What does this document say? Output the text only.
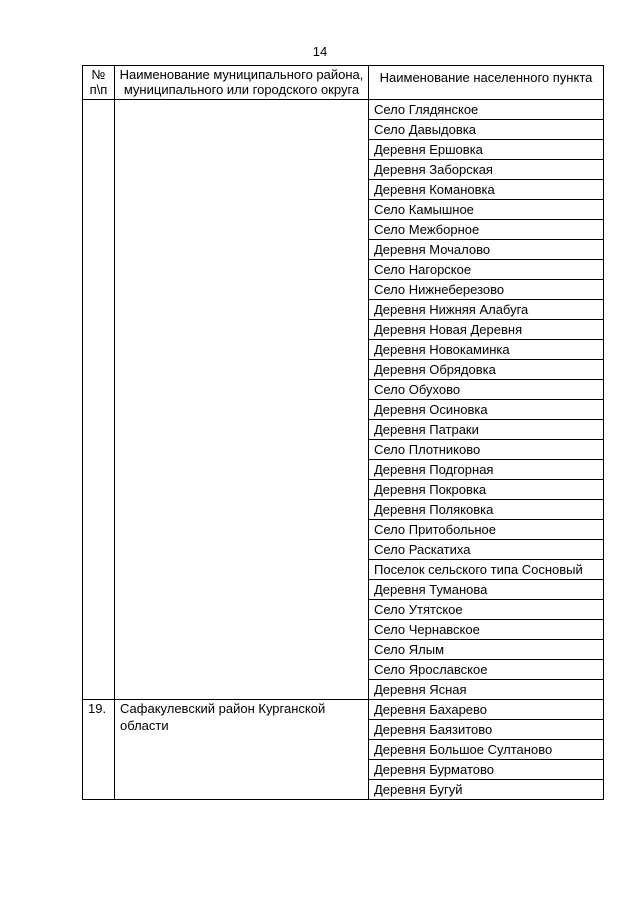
14
№
п\п	Наименование муниципального района, муниципального или городского округа	Наименование населенного пункта
		Село Глядянское
		Село Давыдовка
		Деревня Ершовка
		Деревня Заборская
		Деревня Комановка
		Село Камышное
		Село Межборное
		Деревня Мочалово
		Село Нагорское
		Село Нижнеберезово
		Деревня Нижняя Алабуга
		Деревня Новая Деревня
		Деревня Новокаминка
		Деревня Обрядовка
		Село Обухово
		Деревня Осиновка
		Деревня Патраки
		Село Плотниково
		Деревня Подгорная
		Деревня Покровка
		Деревня Поляковка
		Село Притобольное
		Село Раскатиха
		Поселок сельского типа Сосновый
		Деревня Туманова
		Село Утятское
		Село Чернавское
		Село Ялым
		Село Ярославское
		Деревня Ясная
19.	Сафакулевский район Курганской области	Деревня Бахарево
		Деревня Баязитово
		Деревня Большое Султаново
		Деревня Бурматово
		Деревня Бугуй
